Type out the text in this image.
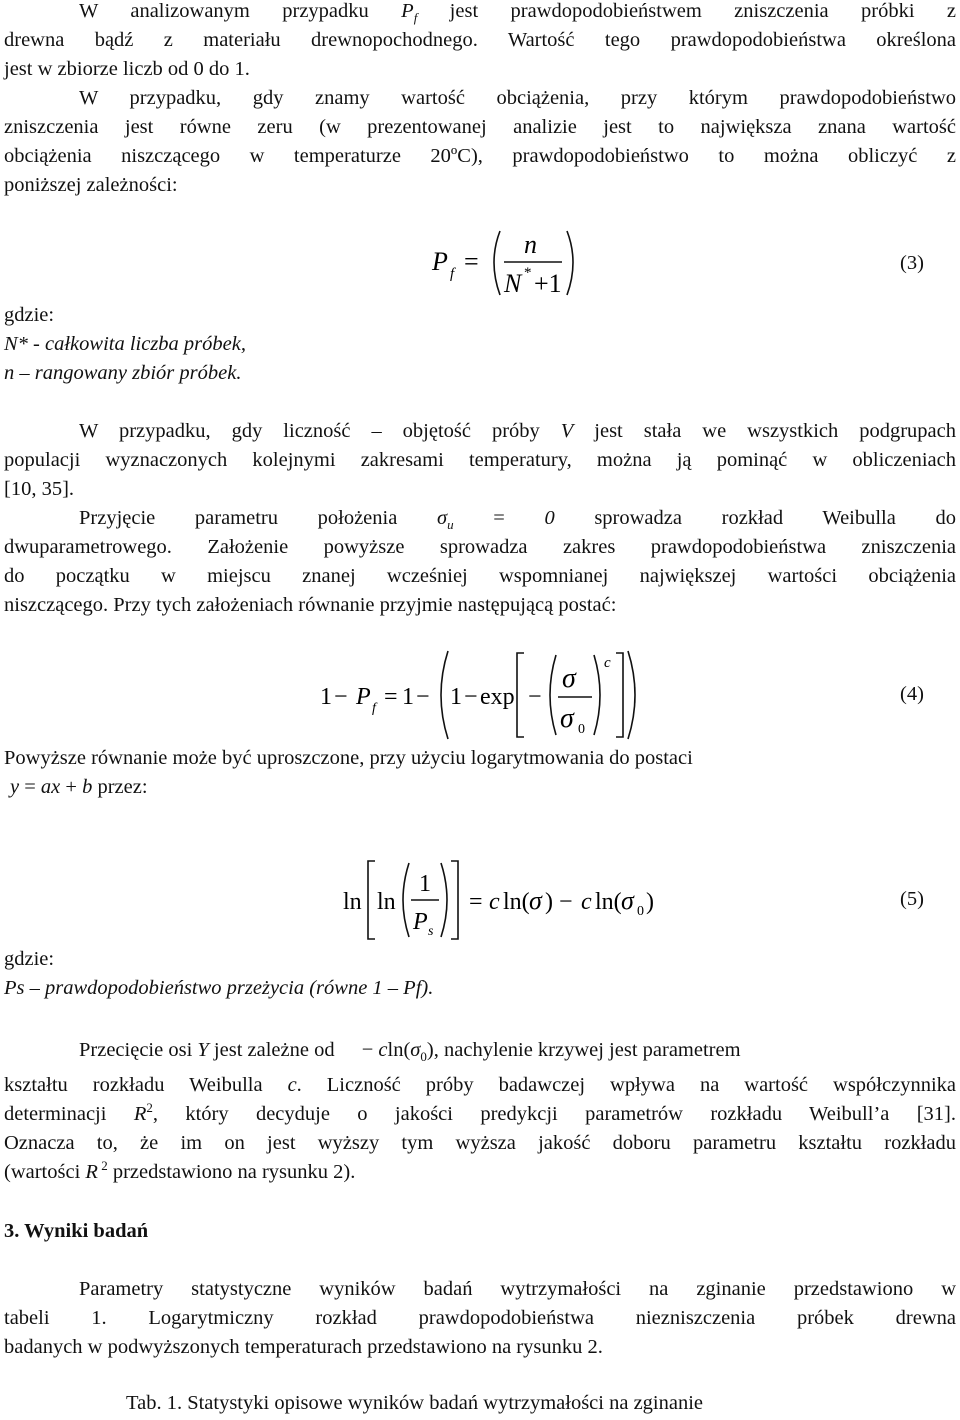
W analizowanym przypadku $P_f$ jest prawdopodobieństwem zniszczenia próbki z
drewna bądź z materiału drewnopochodnego. Wartość tego prawdopodobieństwa określona
jest w zbiorze liczb od 0 do 1.
W przypadku, gdy znamy wartość obciążenia, przy którym prawdopodobieństwo
zniszczenia jest równe zeru (w prezentowanej analizie jest to największa znana wartość
obciążenia niszczącego w temperaturze 20ºC), prawdopodobieństwo to można obliczyć z
poniższej zależności:
P f =
n
N * +1
(3)
gdzie:
N* - całkowita liczba próbek,
n – rangowany zbiór próbek.
W przypadku, gdy liczność – objętość próby V jest stała we wszystkich podgrupach
populacji wyznaczonych kolejnymi zakresami temperatury, można ją pominąć w obliczeniach
[10, 35].
Przyjęcie parametru położenia $\sigma_u = 0$ sprowadza rozkład Weibulla do
dwuparametrowego. Założenie powyższe sprowadza zakres prawdopodobieństwa zniszczenia
do początku w miejscu znanej wcześniej wspomnianej największej wartości obciążenia
niszczącego. Przy tych założeniach równanie przyjmie następującą postać:
1 − P f = 1 − 1 − exp −
σ
σ 0
c
(4)
Powyższe równanie może być uproszczone, przy użyciu logarytmowania do postaci
y = ax + b przez:
ln ln
1
P s
= c ln( σ ) − c ln( σ 0 )	(5)
gdzie:
Ps – prawdopodobieństwo przeżycia (równe 1 – Pf).
Przecięcie osi Y jest zależne od − $cln(\sigma_0)$, nachylenie krzywej jest parametrem
kształtu rozkładu Weibulla c. Liczność próby badawczej wpływa na wartość współczynnika
determinacji $R^2$, który decyduje o jakości predykcji parametrów rozkładu Weibull’a [31].
Oznacza to, że im on jest wyższy tym wyższa jakość doboru parametru kształtu rozkładu
(wartości R $^2$ przedstawiono na rysunku 2).
3. Wyniki badań
Parametry statystyczne wyników badań wytrzymałości na zginanie przedstawiono w
tabeli 1. Logarytmiczny rozkład prawdopodobieństwa niezniszczenia próbek drewna
badanych w podwyższonych temperaturach przedstawiono na rysunku 2.
Tab. 1. Statystyki opisowe wyników badań wytrzymałości na zginanie
